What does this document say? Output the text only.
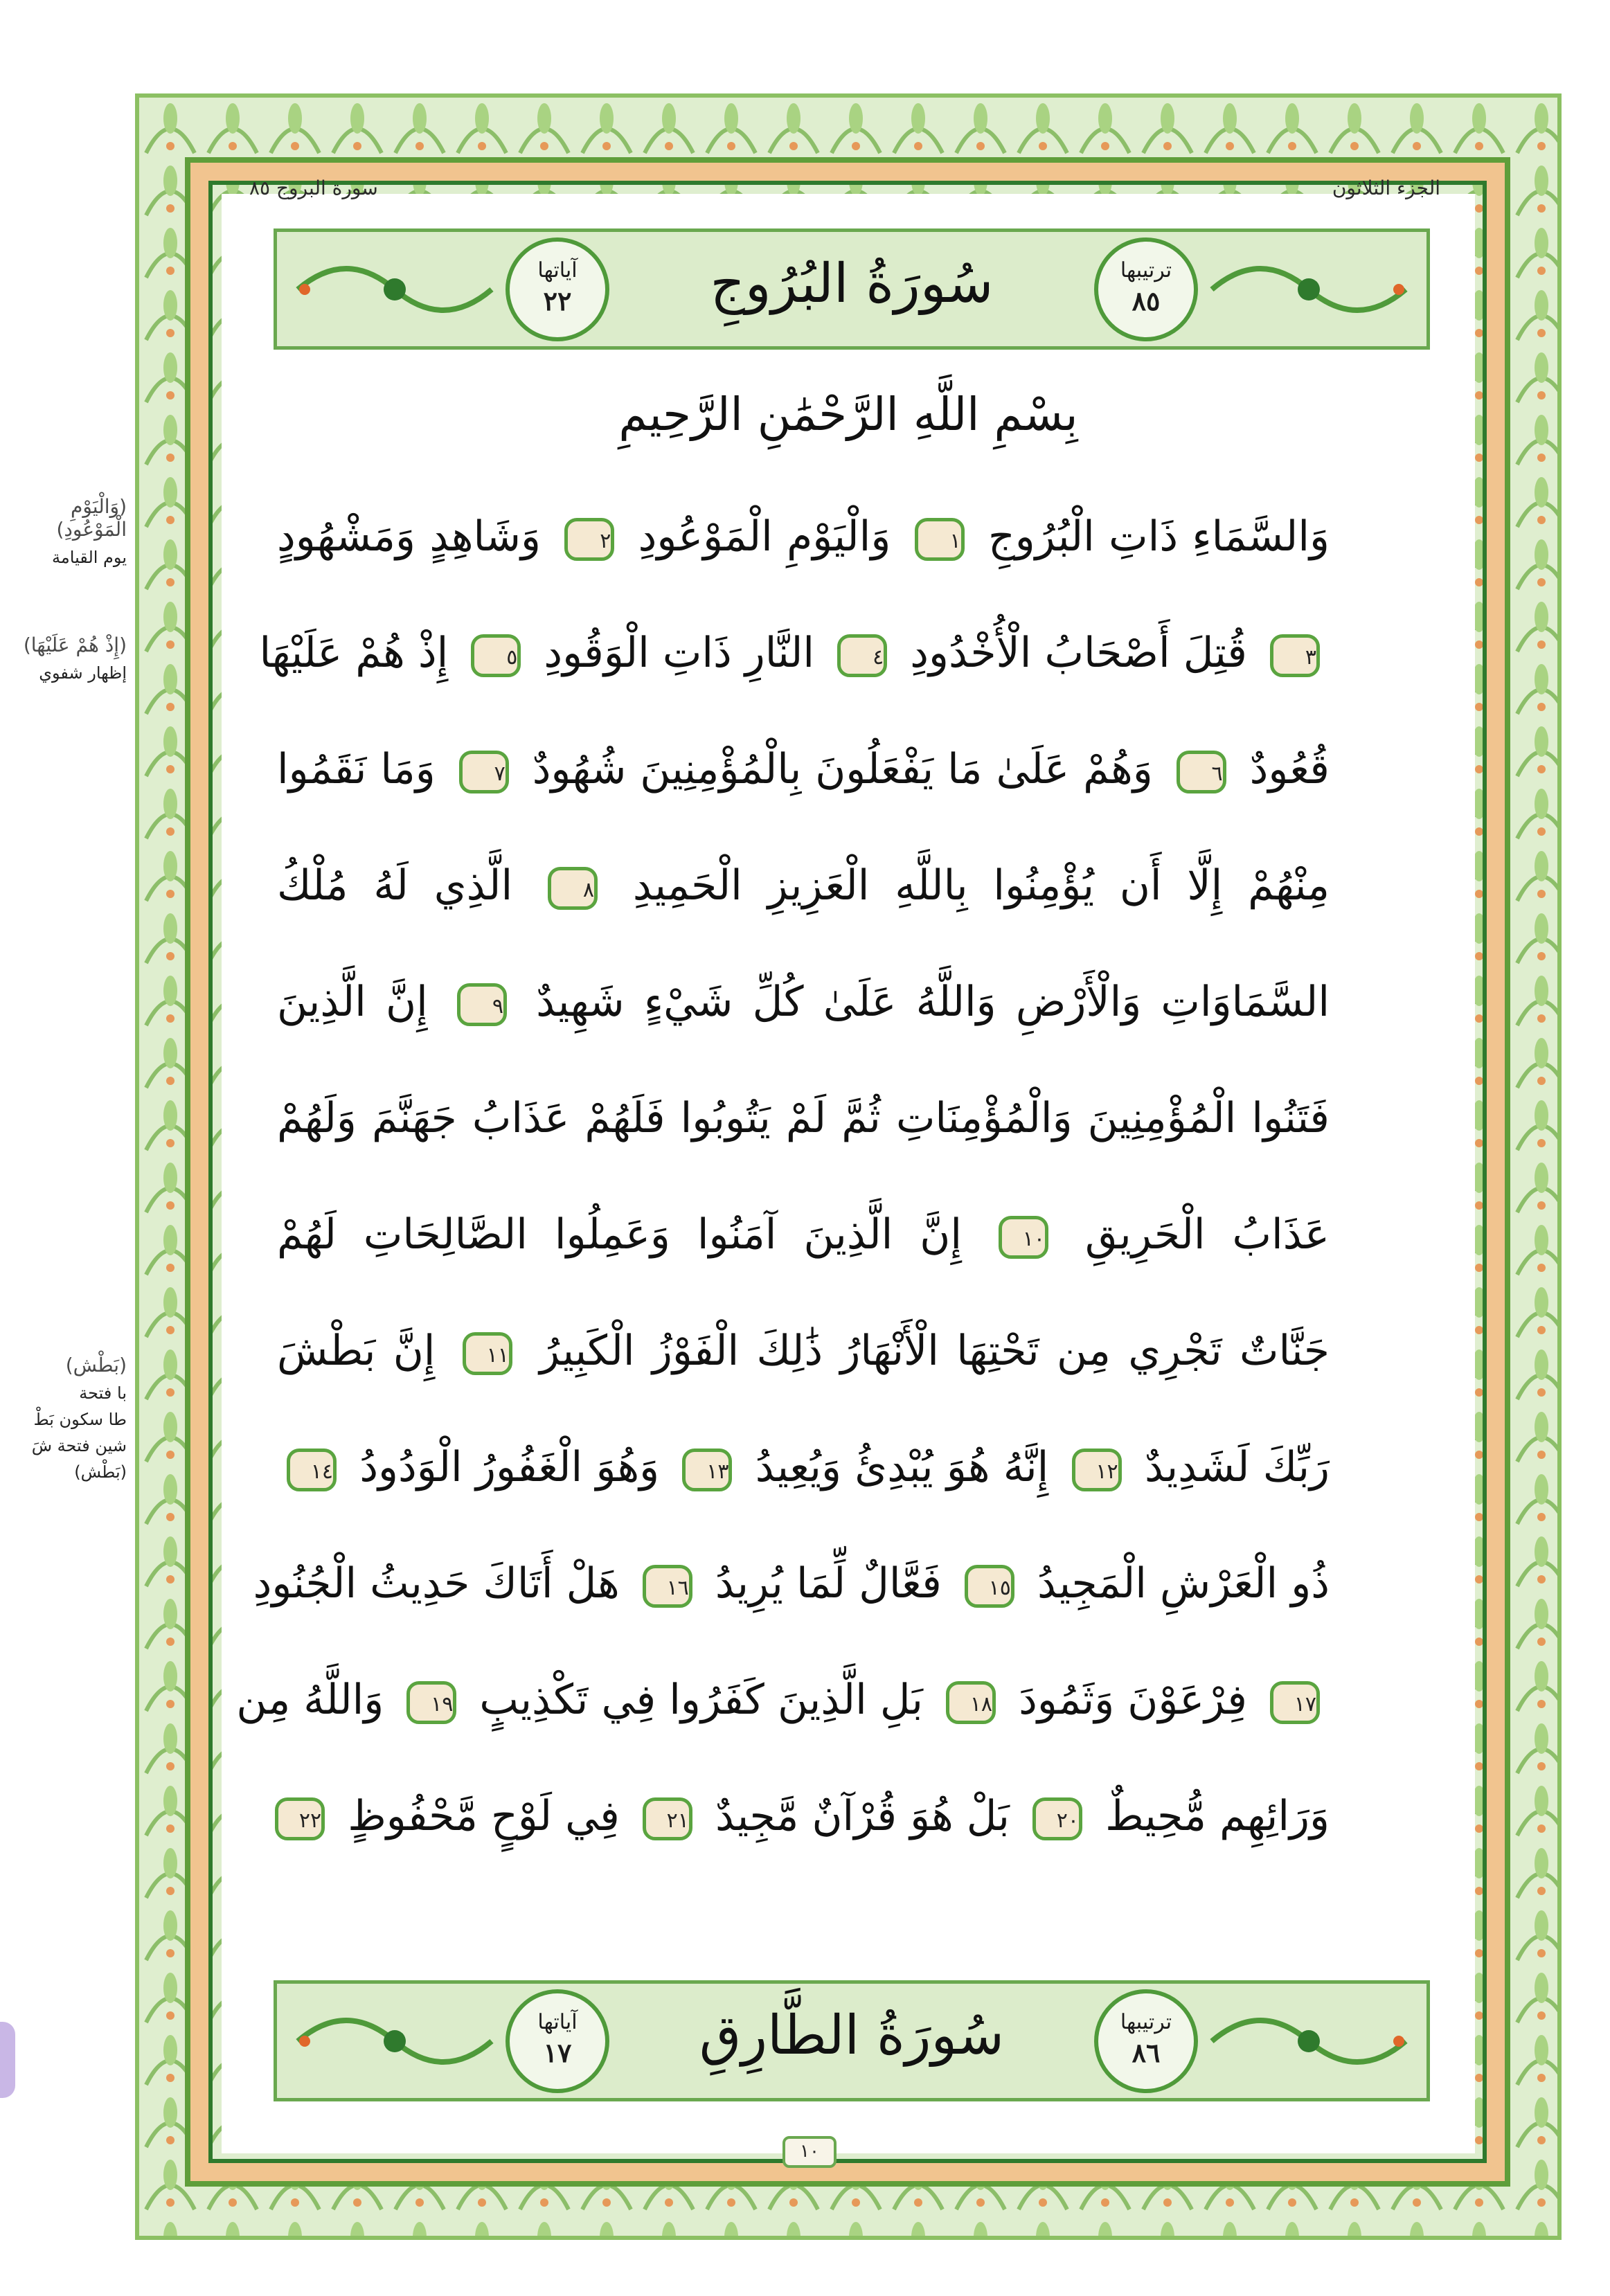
سورة البروج ٨٥	الجزء الثلاثون
آياتها
٢٢	سُورَةُ البُرُوجِ	ترتيبها
٨٥
بِسْمِ اللَّهِ الرَّحْمَٰنِ الرَّحِيمِ
وَالسَّمَاءِ ذَاتِ الْبُرُوجِ ١ وَالْيَوْمِ الْمَوْعُودِ ٢ وَشَاهِدٍ وَمَشْهُودٍ
٣ قُتِلَ أَصْحَابُ الْأُخْدُودِ ٤ النَّارِ ذَاتِ الْوَقُودِ ٥ إِذْ هُمْ عَلَيْهَا
قُعُودٌ ٦ وَهُمْ عَلَىٰ مَا يَفْعَلُونَ بِالْمُؤْمِنِينَ شُهُودٌ ٧ وَمَا نَقَمُوا
مِنْهُمْ إِلَّا أَن يُؤْمِنُوا بِاللَّهِ الْعَزِيزِ الْحَمِيدِ ٨ الَّذِي لَهُ مُلْكُ
السَّمَاوَاتِ وَالْأَرْضِ وَاللَّهُ عَلَىٰ كُلِّ شَيْءٍ شَهِيدٌ ٩ إِنَّ الَّذِينَ
فَتَنُوا الْمُؤْمِنِينَ وَالْمُؤْمِنَاتِ ثُمَّ لَمْ يَتُوبُوا فَلَهُمْ عَذَابُ جَهَنَّمَ وَلَهُمْ
عَذَابُ الْحَرِيقِ ١٠ إِنَّ الَّذِينَ آمَنُوا وَعَمِلُوا الصَّالِحَاتِ لَهُمْ
جَنَّاتٌ تَجْرِي مِن تَحْتِهَا الْأَنْهَارُ ذَٰلِكَ الْفَوْزُ الْكَبِيرُ ١١ إِنَّ بَطْشَ
رَبِّكَ لَشَدِيدٌ ١٢ إِنَّهُ هُوَ يُبْدِئُ وَيُعِيدُ ١٣ وَهُوَ الْغَفُورُ الْوَدُودُ ١٤
ذُو الْعَرْشِ الْمَجِيدُ ١٥ فَعَّالٌ لِّمَا يُرِيدُ ١٦ هَلْ أَتَاكَ حَدِيثُ الْجُنُودِ
١٧ فِرْعَوْنَ وَثَمُودَ ١٨ بَلِ الَّذِينَ كَفَرُوا فِي تَكْذِيبٍ ١٩ وَاللَّهُ مِن
وَرَائِهِم مُّحِيطٌ ٢٠ بَلْ هُوَ قُرْآنٌ مَّجِيدٌ ٢١ فِي لَوْحٍ مَّحْفُوظٍ ٢٢
آياتها
١٧	سُورَةُ الطَّارِقِ	ترتيبها
٨٦
١٠
(وَالْيَوْمِ الْمَوْعُودِ)
يوم القيامة
(إِذْ هُمْ عَلَيْهَا)
إظهار شفوي
(بَطْش)
با فتحة
طا سكون بَطْ
شين فتحة شَ
(بَطْش)
